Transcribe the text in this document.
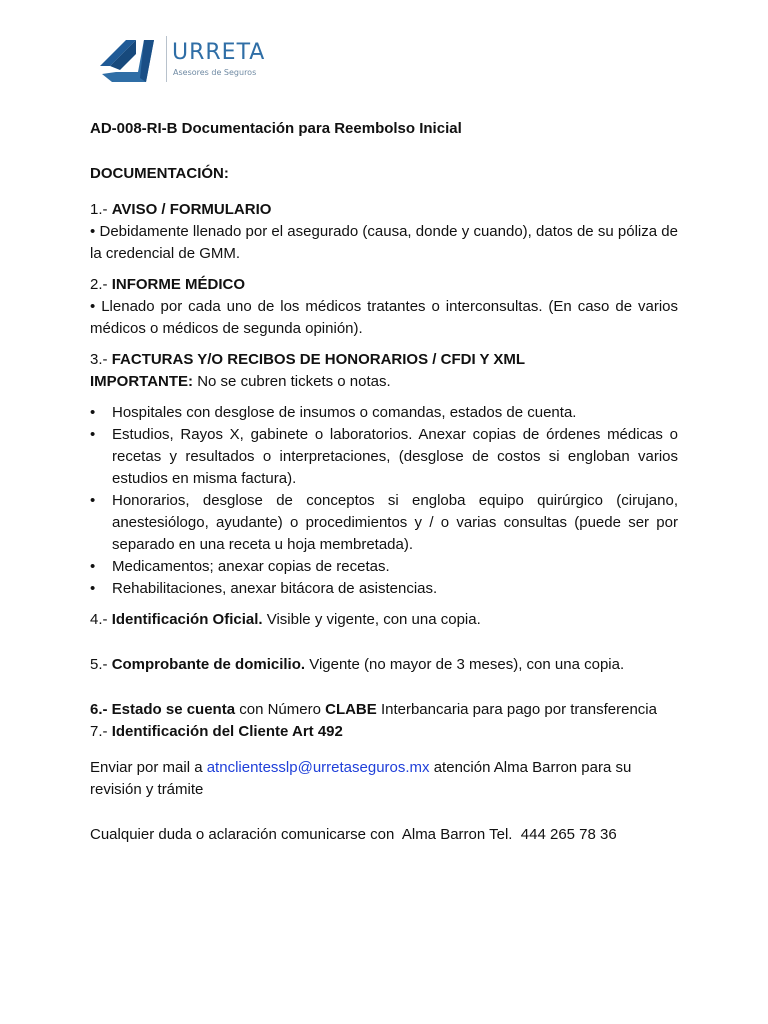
URRETA
Asesores de Seguros

AD-008-RI-B Documentación para Reembolso Inicial

DOCUMENTACIÓN:

1.- AVISO / FORMULARIO

• Debidamente llenado por el asegurado (causa, donde y cuando), datos de su póliza de la credencial de GMM.

2.- INFORME MÉDICO

• Llenado por cada uno de los médicos tratantes o interconsultas. (En caso de varios médicos o médicos de segunda opinión).

3.- FACTURAS Y/O RECIBOS DE HONORARIOS / CFDI Y XML

IMPORTANTE: No se cubren tickets o notas.

• Hospitales con desglose de insumos o comandas, estados de cuenta.
• Estudios, Rayos X, gabinete o laboratorios. Anexar copias de órdenes médicas o recetas y resultados o interpretaciones, (desglose de costos si engloban varios estudios en misma factura).
• Honorarios, desglose de conceptos si engloba equipo quirúrgico (cirujano, anestesiólogo, ayudante) o procedimientos y / o varias consultas (puede ser por separado en una receta u hoja membretada).
• Medicamentos; anexar copias de recetas.
• Rehabilitaciones, anexar bitácora de asistencias.

4.- Identificación Oficial. Visible y vigente, con una copia.

5.- Comprobante de domicilio. Vigente (no mayor de 3 meses), con una copia.

6.- Estado se cuenta con Número CLABE Interbancaria para pago por transferencia

7.- Identificación del Cliente Art 492

Enviar por mail a atnclientesslp@urretaseguros.mx atención Alma Barron para su revisión y trámite

Cualquier duda o aclaración comunicarse con  Alma Barron Tel.  444 265 78 36
